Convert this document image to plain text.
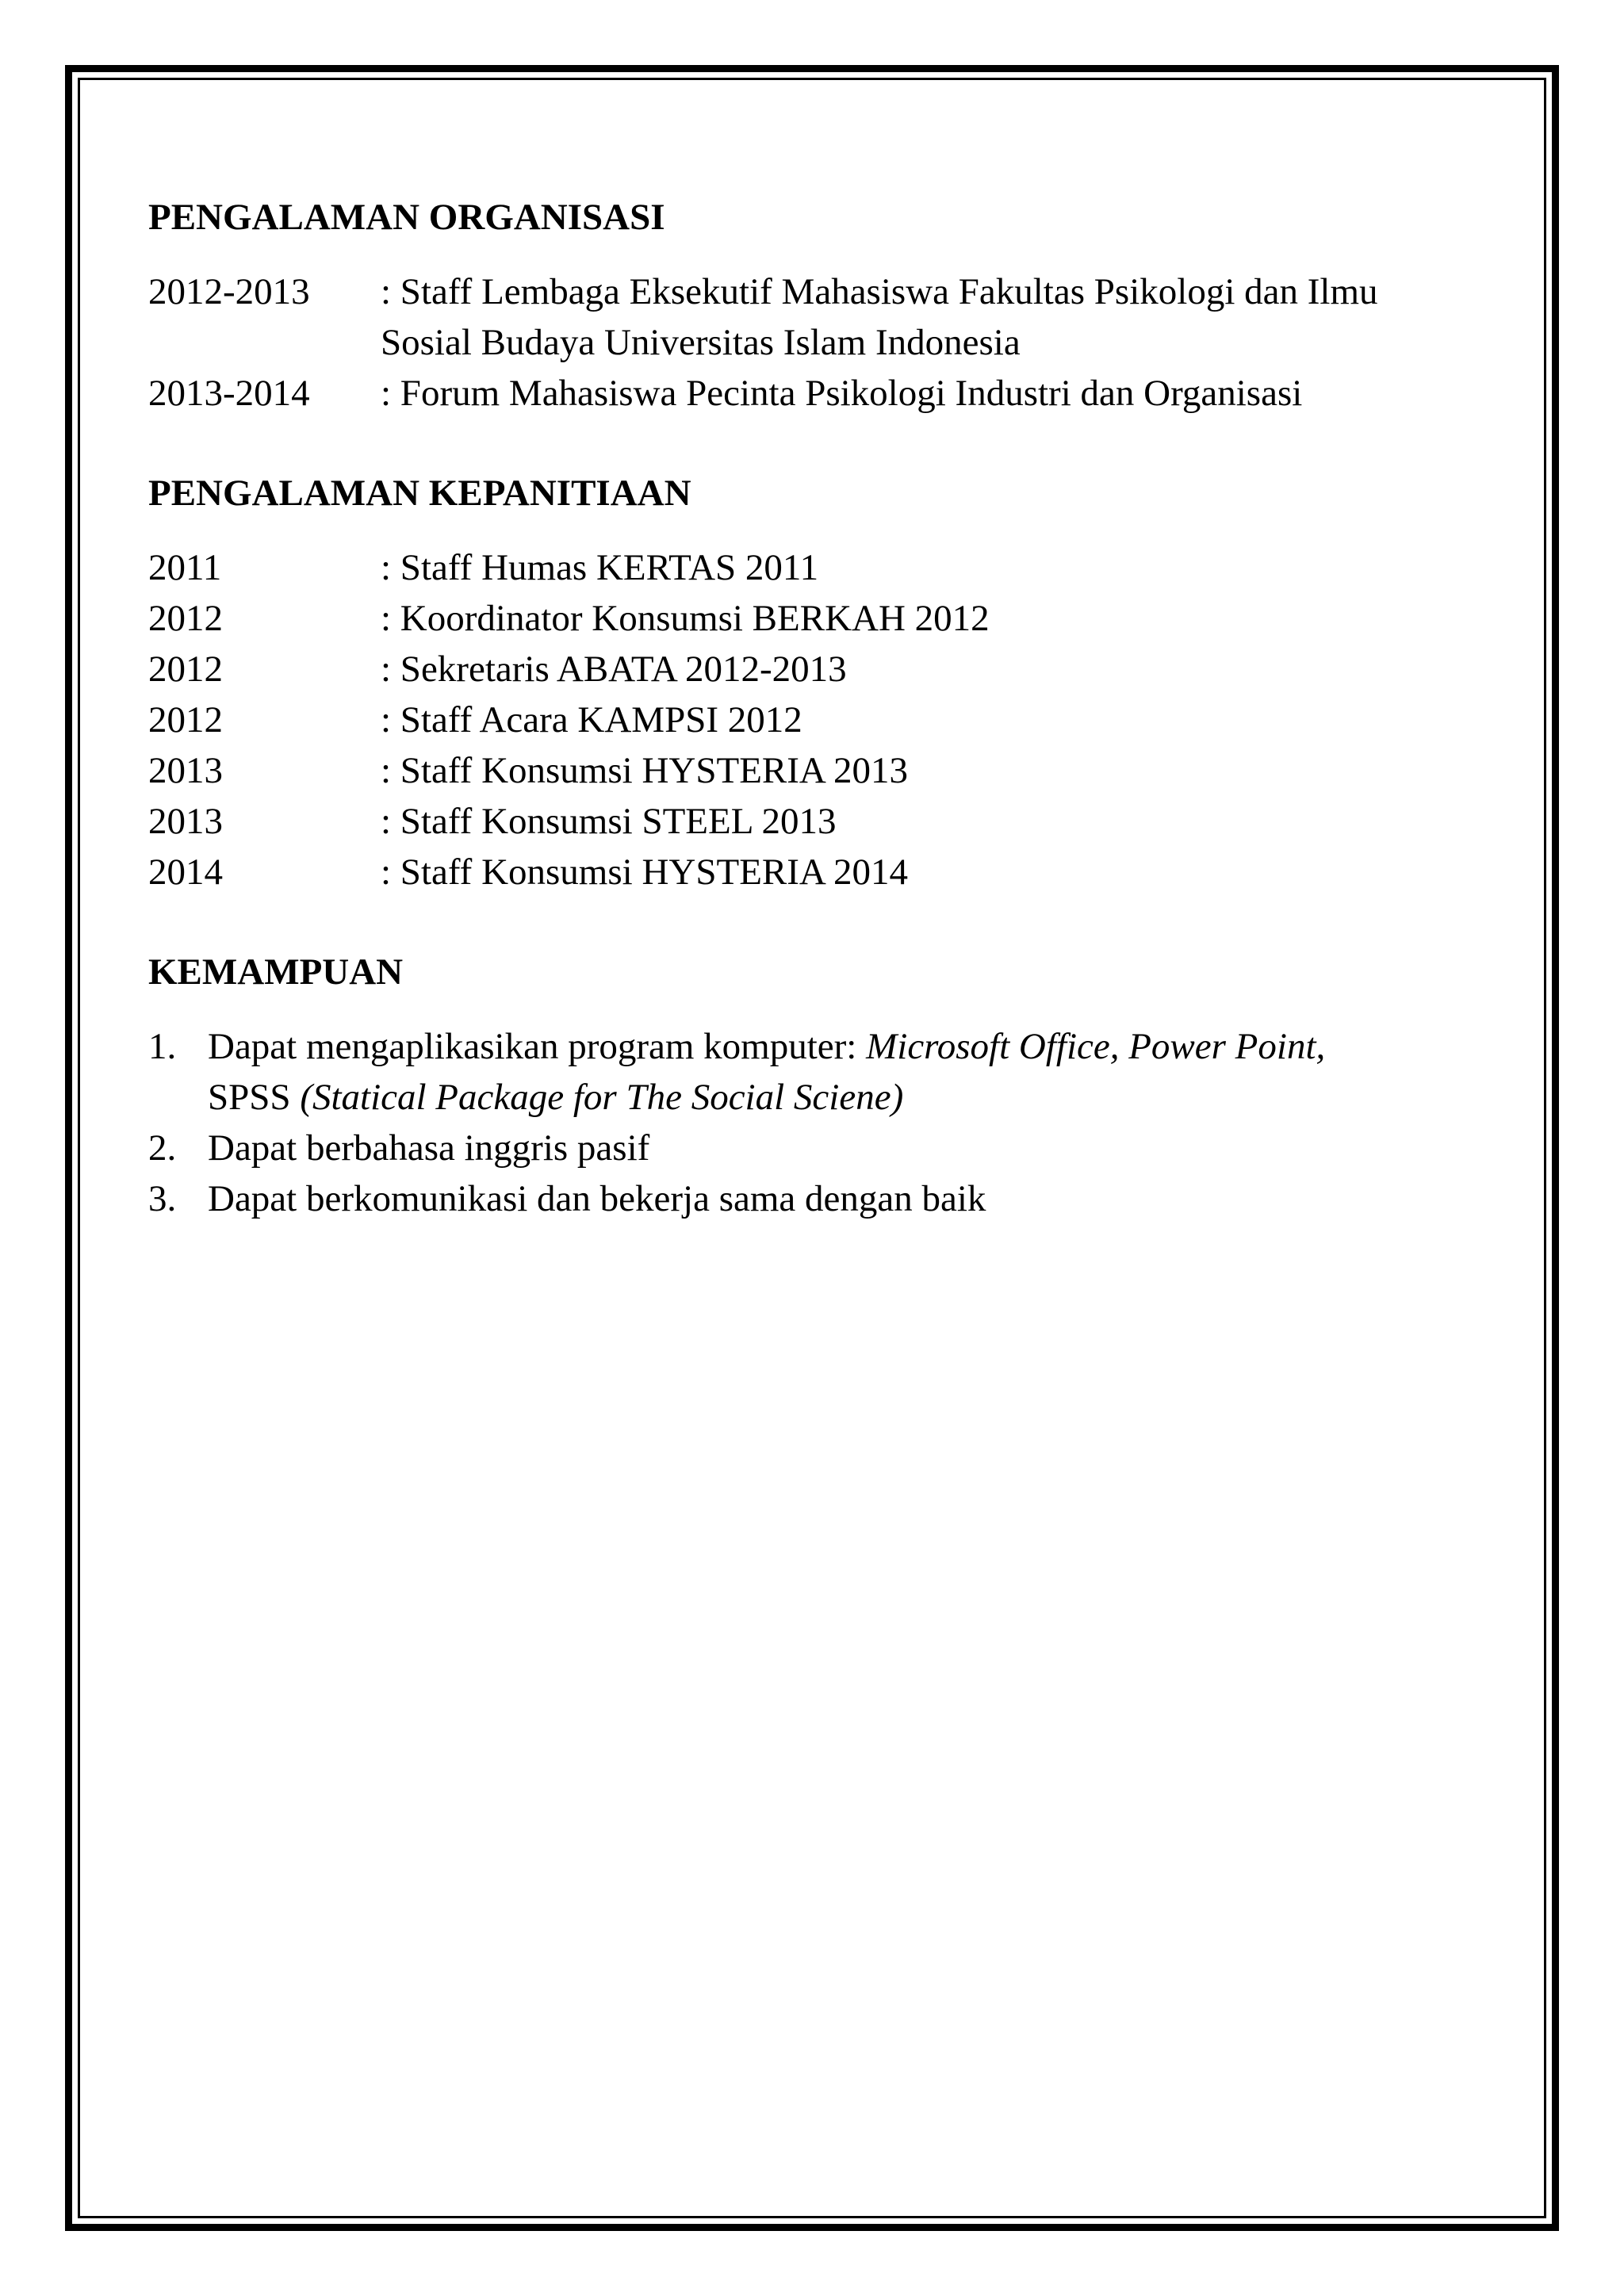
PENGALAMAN ORGANISASI
2012-2013	: Staff Lembaga Eksekutif Mahasiswa Fakultas Psikologi dan Ilmu
Sosial Budaya Universitas Islam Indonesia
2013-2014	: Forum Mahasiswa Pecinta Psikologi Industri dan Organisasi
PENGALAMAN KEPANITIAAN
2011	: Staff Humas KERTAS 2011
2012	: Koordinator Konsumsi BERKAH 2012
2012	: Sekretaris ABATA 2012-2013
2012	: Staff Acara KAMPSI 2012
2013	: Staff Konsumsi HYSTERIA 2013
2013	: Staff Konsumsi STEEL 2013
2014	: Staff Konsumsi HYSTERIA 2014
KEMAMPUAN
1. Dapat mengaplikasikan program komputer: Microsoft Office, Power Point,
SPSS (Statical Package for The Social Sciene)
2. Dapat berbahasa inggris pasif
3. Dapat berkomunikasi dan bekerja sama dengan baik
